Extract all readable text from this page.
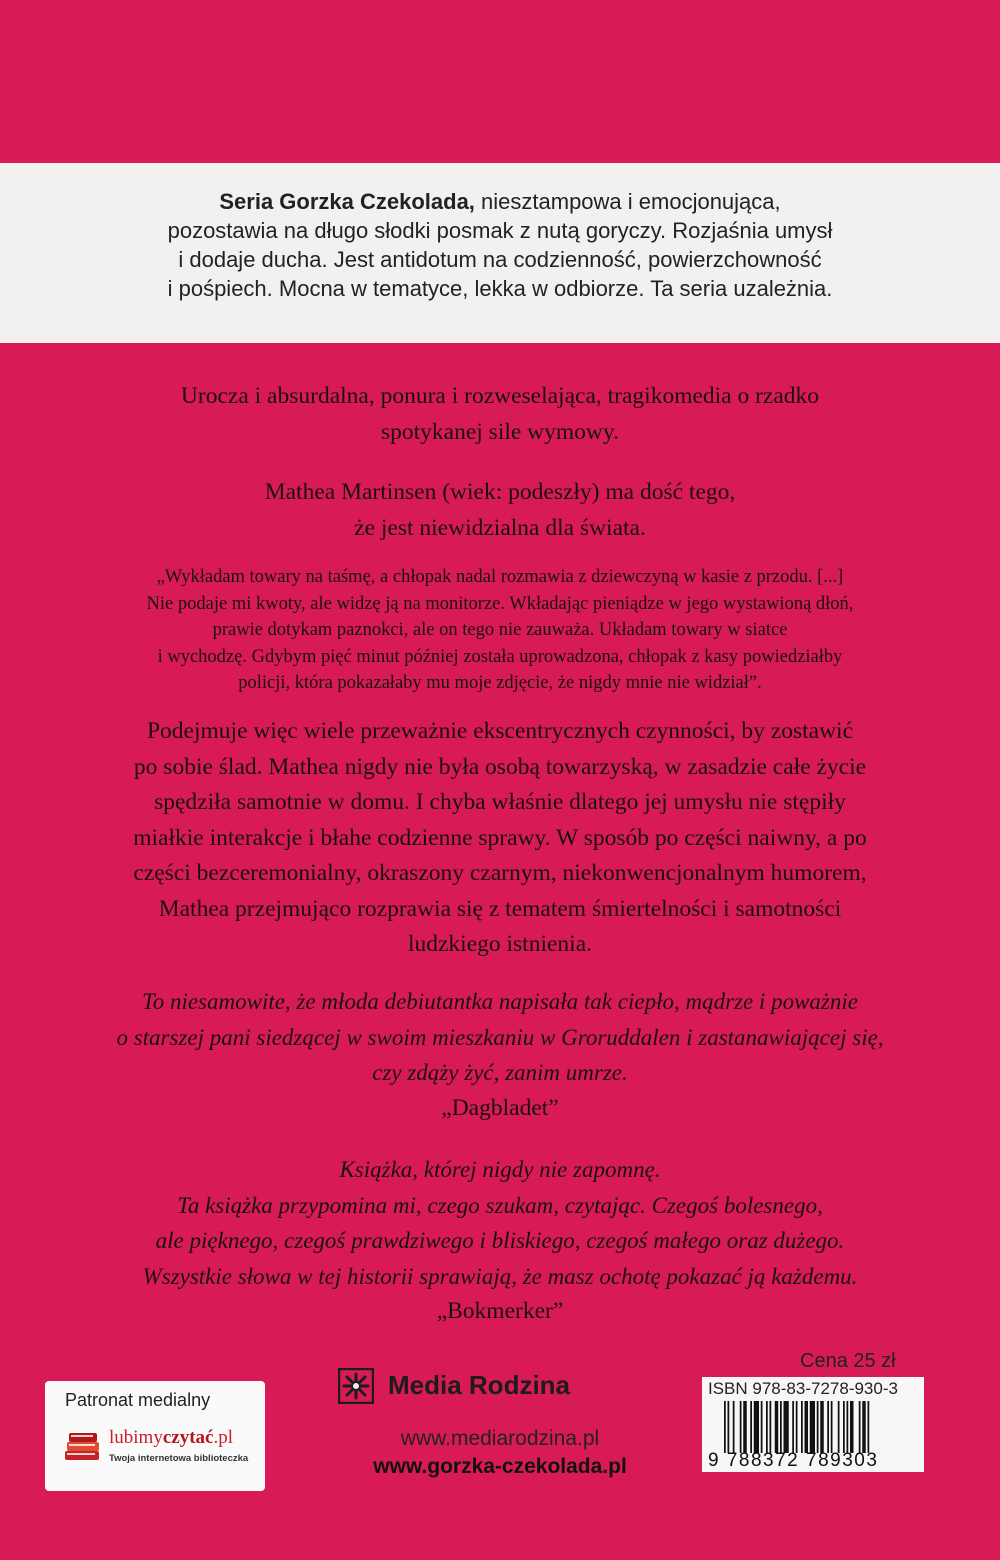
Seria Gorzka Czekolada, niesztampowa i emocjonująca,
pozostawia na długo słodki posmak z nutą goryczy. Rozjaśnia umysł
i dodaje ducha. Jest antidotum na codzienność, powierzchowność
i pośpiech. Mocna w tematyce, lekka w odbiorze. Ta seria uzależnia.
Urocza i absurdalna, ponura i rozweselająca, tragikomedia o rzadko
spotykanej sile wymowy.
Mathea Martinsen (wiek: podeszły) ma dość tego,
że jest niewidzialna dla świata.
„Wykładam towary na taśmę, a chłopak nadal rozmawia z dziewczyną w kasie z przodu. [...]
Nie podaje mi kwoty, ale widzę ją na monitorze. Wkładając pieniądze w jego wystawioną dłoń,
prawie dotykam paznokci, ale on tego nie zauważa. Układam towary w siatce
i wychodzę. Gdybym pięć minut później została uprowadzona, chłopak z kasy powiedziałby
policji, która pokazałaby mu moje zdjęcie, że nigdy mnie nie widział”.
Podejmuje więc wiele przeważnie ekscentrycznych czynności, by zostawić
po sobie ślad. Mathea nigdy nie była osobą towarzyską, w zasadzie całe życie
spędziła samotnie w domu. I chyba właśnie dlatego jej umysłu nie stępiły
miałkie interakcje i błahe codzienne sprawy. W sposób po części naiwny, a po
części bezceremonialny, okraszony czarnym, niekonwencjonalnym humorem,
Mathea przejmująco rozprawia się z tematem śmiertelności i samotności
ludzkiego istnienia.
To niesamowite, że młoda debiutantka napisała tak ciepło, mądrze i poważnie
o starszej pani siedzącej w swoim mieszkaniu w Groruddalen i zastanawiającej się,
czy zdąży żyć, zanim umrze.
„Dagbladet”
Książka, której nigdy nie zapomnę.
Ta książka przypomina mi, czego szukam, czytając. Czegoś bolesnego,
ale pięknego, czegoś prawdziwego i bliskiego, czegoś małego oraz dużego.
Wszystkie słowa w tej historii sprawiają, że masz ochotę pokazać ją każdemu.
„Bokmerker”
Patronat medialny
lubimyczytać.pl
Twoja internetowa biblioteczka
Media Rodzina
www.mediarodzina.pl
www.gorzka-czekolada.pl
Cena 25 zł
ISBN 978-83-7278-930-3
9 788372 789303
